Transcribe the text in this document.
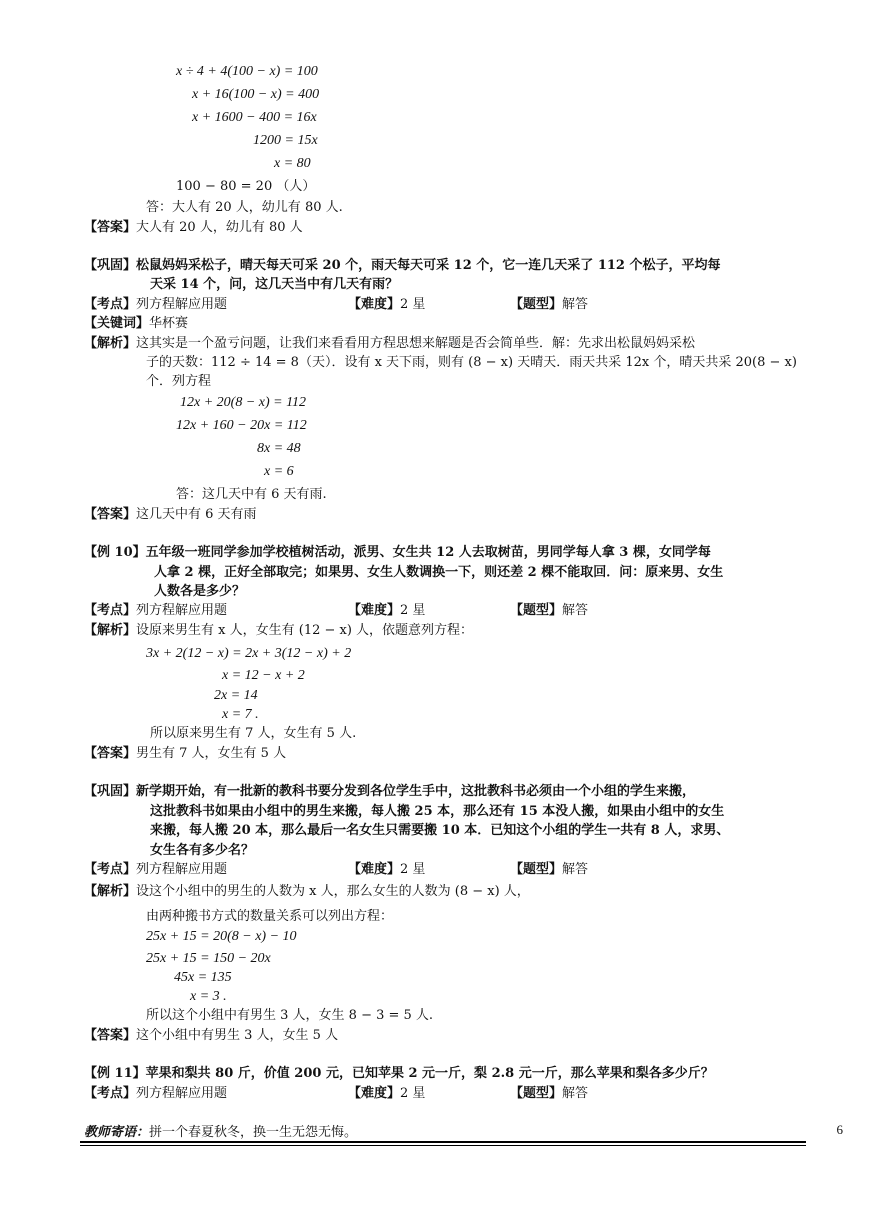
x ÷ 4 + 4(100 − x) = 100
x + 16(100 − x) = 400
x + 1600 − 400 = 16x
1200 = 15x
x = 80
100 − 80 = 20 （人）
答：大人有 20 人，幼儿有 80 人.
【答案】大人有 20 人，幼儿有 80 人
【巩固】松鼠妈妈采松子，晴天每天可采 20 个，雨天每天可采 12 个，它一连几天采了 112 个松子，平均每
天采 14 个，问，这几天当中有几天有雨？
【考点】列方程解应用题	【难度】2 星	【题型】解答
【关键词】华杯赛
【解析】这其实是一个盈亏问题，让我们来看看用方程思想来解题是否会简单些．解：先求出松鼠妈妈采松
子的天数：112 ÷ 14 = 8（天）．设有 x 天下雨，则有 (8 − x) 天晴天．雨天共采 12x 个，晴天共采 20(8 − x)
个．列方程
12x + 20(8 − x) = 112
12x + 160 − 20x = 112
8x = 48
x = 6
答：这几天中有 6 天有雨.
【答案】这几天中有 6 天有雨
【例 10】五年级一班同学参加学校植树活动，派男、女生共 12 人去取树苗，男同学每人拿 3 棵，女同学每
人拿 2 棵，正好全部取完；如果男、女生人数调换一下，则还差 2 棵不能取回．问：原来男、女生
人数各是多少？
【考点】列方程解应用题	【难度】2 星	【题型】解答
【解析】设原来男生有 x 人，女生有 (12 − x) 人，依题意列方程：
3x + 2(12 − x) = 2x + 3(12 − x) + 2
x = 12 − x + 2
2x = 14
x = 7 .
所以原来男生有 7 人，女生有 5 人.
【答案】男生有 7 人，女生有 5 人
【巩固】新学期开始，有一批新的教科书要分发到各位学生手中，这批教科书必须由一个小组的学生来搬，
这批教科书如果由小组中的男生来搬，每人搬 25 本，那么还有 15 本没人搬，如果由小组中的女生
来搬，每人搬 20 本，那么最后一名女生只需要搬 10 本．已知这个小组的学生一共有 8 人，求男、
女生各有多少名？
【考点】列方程解应用题	【难度】2 星	【题型】解答
【解析】设这个小组中的男生的人数为 x 人，那么女生的人数为 (8 − x) 人，
由两种搬书方式的数量关系可以列出方程：
25x + 15 = 20(8 − x) − 10
25x + 15 = 150 − 20x
45x = 135
x = 3 .
所以这个小组中有男生 3 人，女生 8 − 3 = 5 人.
【答案】这个小组中有男生 3 人，女生 5 人
【例 11】苹果和梨共 80 斤，价值 200 元，已知苹果 2 元一斤，梨 2.8 元一斤，那么苹果和梨各多少斤？
【考点】列方程解应用题	【难度】2 星	【题型】解答
教师寄语：拼一个春夏秋冬，换一生无怨无悔。	6
